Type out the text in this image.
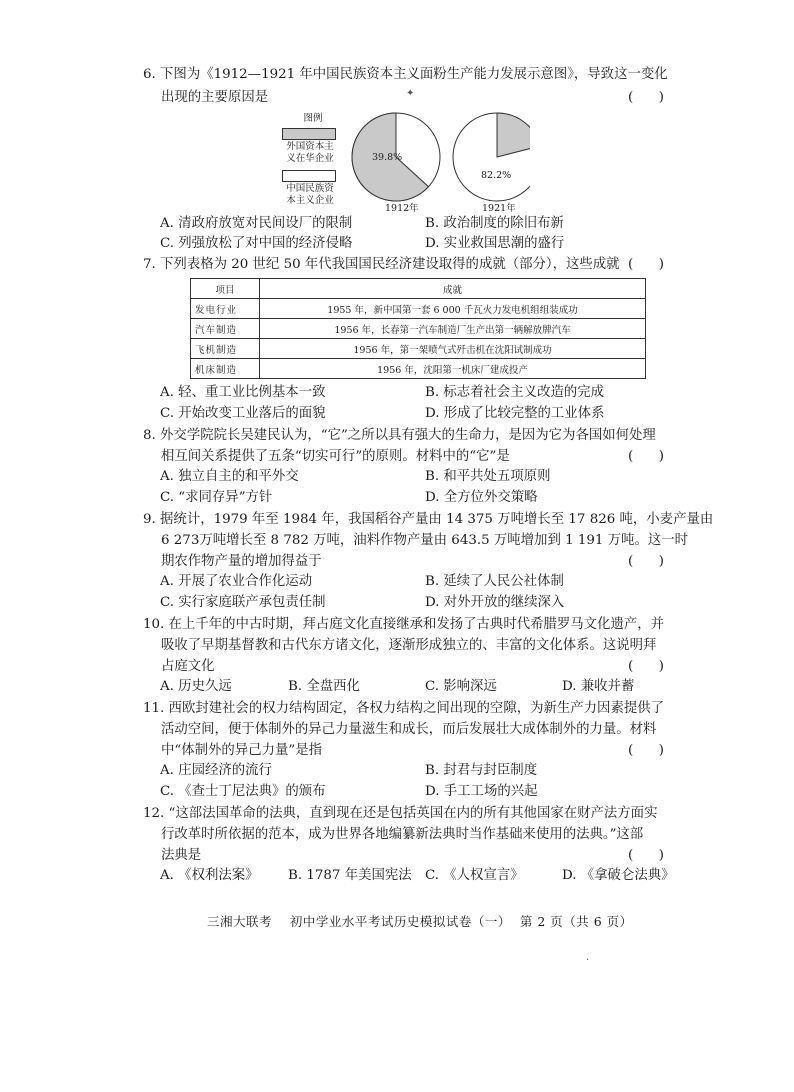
6. 下图为《1912—1921 年中国民族资本主义面粉生产能力发展示意图》，导致这一变化
出现的主要原因是	(      )
图例
外国资本主
义在华企业
中国民族资
本主义企业
39.8%
1912年
82.2%
1921年
A. 清政府放宽对民间设厂的限制	B. 政治制度的除旧布新
C. 列强放松了对中国的经济侵略	D. 实业救国思潮的盛行
7. 下列表格为 20 世纪 50 年代我国国民经济建设取得的成就（部分），这些成就 (      )
项目	成就
发电行业	1955 年，新中国第一套 6 000 千瓦火力发电机组组装成功
汽车制造	1956 年，长春第一汽车制造厂生产出第一辆解放牌汽车
飞机制造	1956 年，第一架喷气式歼击机在沈阳试制成功
机床制造	1956 年，沈阳第一机床厂建成投产
A. 轻、重工业比例基本一致	B. 标志着社会主义改造的完成
C. 开始改变工业落后的面貌	D. 形成了比较完整的工业体系
8. 外交学院院长吴建民认为，“它”之所以具有强大的生命力，是因为它为各国如何处理
相互间关系提供了五条“切实可行”的原则。材料中的“它”是	(      )
A. 独立自主的和平外交	B. 和平共处五项原则
C. “求同存异”方针	D. 全方位外交策略
9. 据统计，1979 年至 1984 年，我国稻谷产量由 14 375 万吨增长至 17 826 吨，小麦产量由
6 273万吨增长至 8 782 万吨，油料作物产量由 643.5 万吨增加到 1 191 万吨。这一时
期农作物产量的增加得益于	(      )
A. 开展了农业合作化运动	B. 延续了人民公社体制
C. 实行家庭联产承包责任制	D. 对外开放的继续深入
10. 在上千年的中古时期，拜占庭文化直接继承和发扬了古典时代希腊罗马文化遗产，并
吸收了早期基督教和古代东方诸文化，逐渐形成独立的、丰富的文化体系。这说明拜
占庭文化	(      )
A. 历史久远	B. 全盘西化	C. 影响深远	D. 兼收并蓄
11. 西欧封建社会的权力结构固定，各权力结构之间出现的空隙，为新生产力因素提供了
活动空间，便于体制外的异己力量滋生和成长，而后发展壮大成体制外的力量。材料
中“体制外的异己力量”是指	(      )
A. 庄园经济的流行	B. 封君与封臣制度
C. 《查士丁尼法典》的颁布	D. 手工工场的兴起
12. “这部法国革命的法典，直到现在还是包括英国在内的所有其他国家在财产法方面实
行改革时所依据的范本，成为世界各地编纂新法典时当作基础来使用的法典。”这部
法典是	(      )
A. 《权利法案》 B. 1787 年美国宪法 C. 《人权宣言》	D. 《拿破仑法典》
三湘大联考    初中学业水平考试历史模拟试卷（一）  第 2 页（共 6 页）
✦
·
